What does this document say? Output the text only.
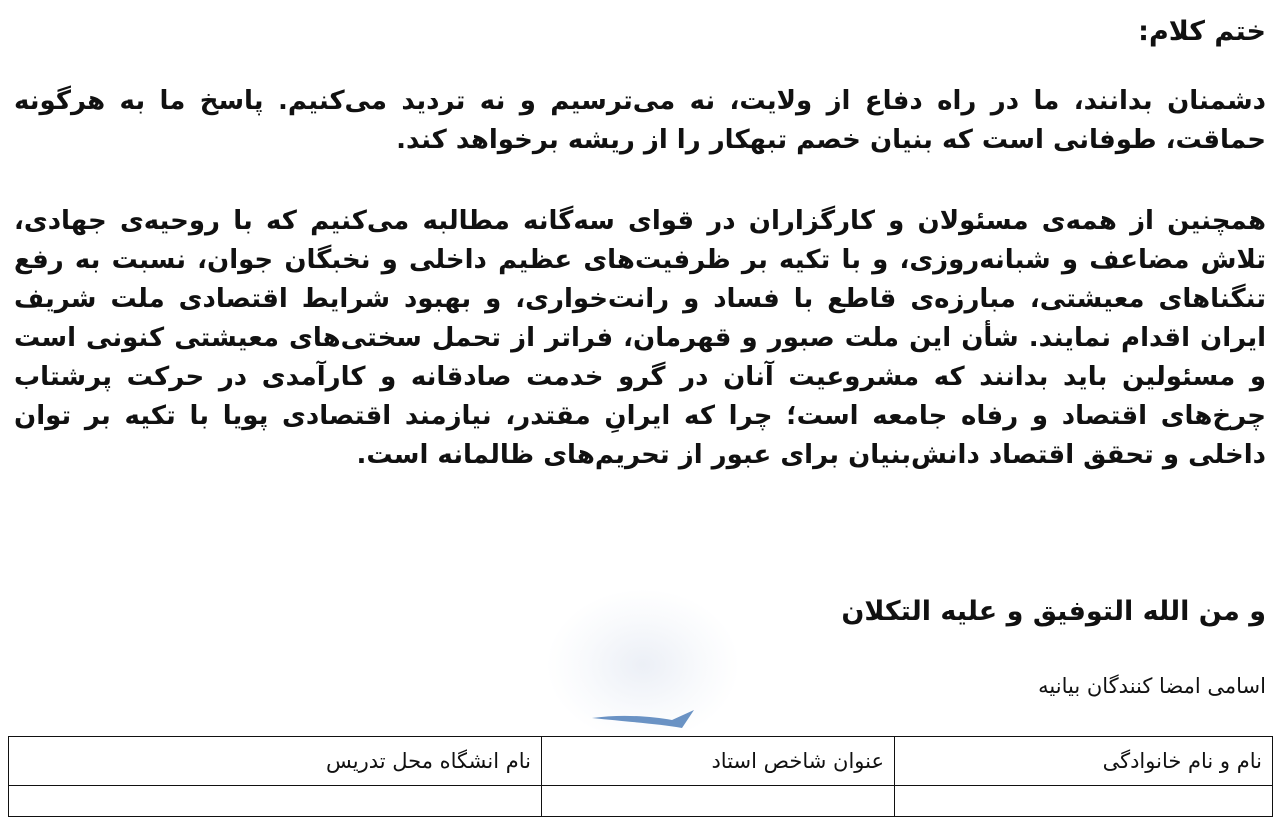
ختم کلام:

دشمنان بدانند، ما در راه دفاع از ولایت، نه می‌ترسیم و نه تردید می‌کنیم. پاسخ ما به هرگونه حماقت، طوفانی است که بنیان خصم تبهکار را از ریشه برخواهد کند.

همچنین از همه‌ی مسئولان و کارگزاران در قوای سه‌گانه مطالبه می‌کنیم که با روحیه‌ی جهادی، تلاش مضاعف و شبانه‌روزی، و با تکیه بر ظرفیت‌های عظیم داخلی و نخبگان جوان، نسبت به رفع تنگناهای معیشتی، مبارزه‌ی قاطع با فساد و رانت‌خواری، و بهبود شرایط اقتصادی ملت شریف ایران اقدام نمایند. شأن این ملت صبور و قهرمان، فراتر از تحمل سختی‌های معیشتی کنونی است و مسئولین باید بدانند که مشروعیت آنان در گرو خدمت صادقانه و کارآمدی در حرکت پرشتاب چرخ‌های اقتصاد و رفاه جامعه است؛ چرا که ایرانِ مقتدر، نیازمند اقتصادی پویا با تکیه بر توان داخلی و تحقق اقتصاد دانش‌بنیان برای عبور از تحریم‌های ظالمانه است.

و من الله التوفیق و علیه التکلان

اسامی امضا کنندگان بیانیه

نام و نام خانوادگی	عنوان شاخص استاد	نام انشگاه محل تدریس
